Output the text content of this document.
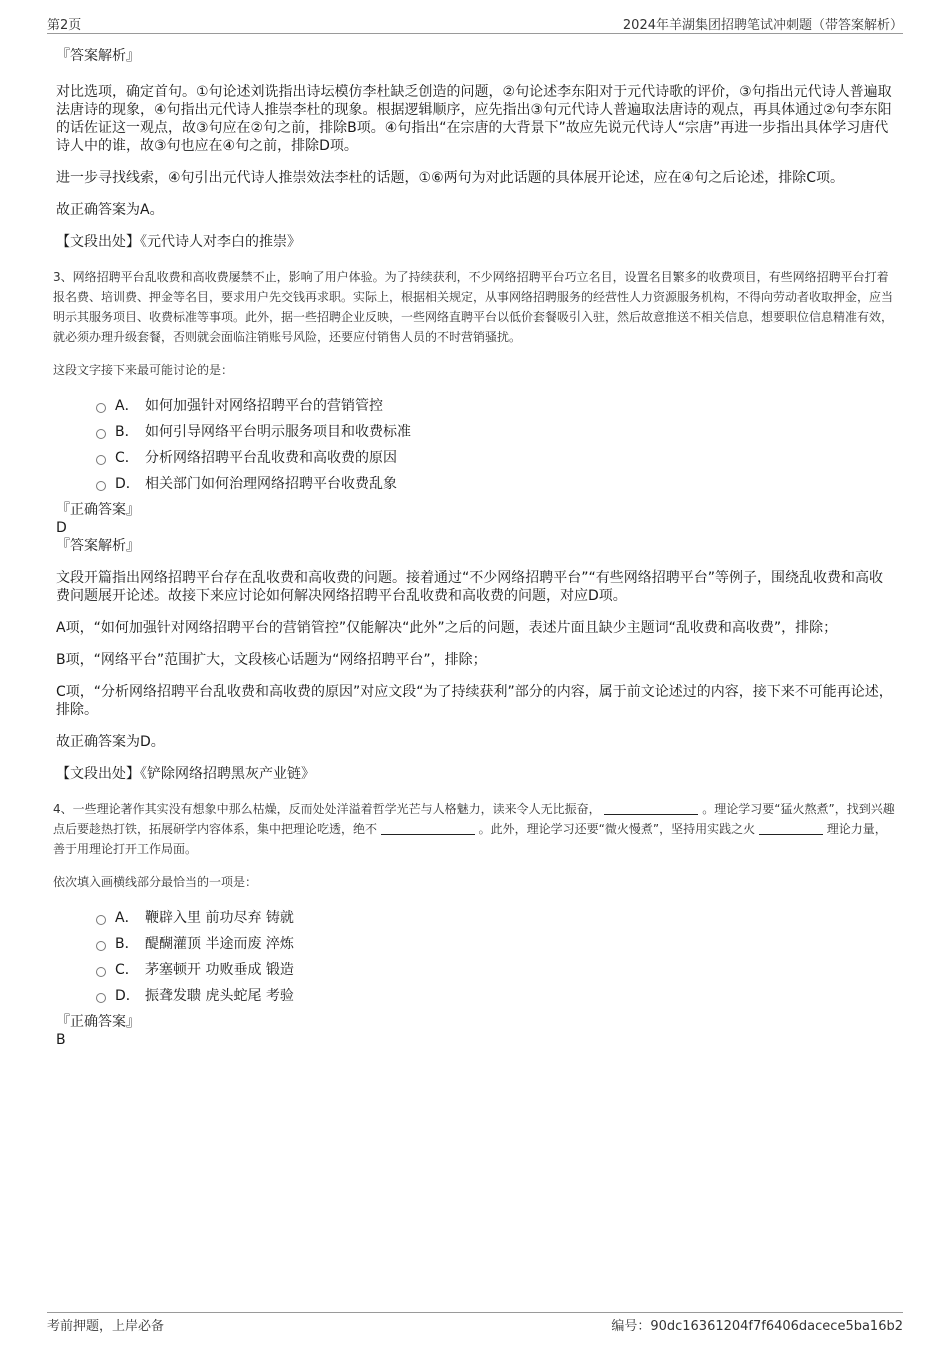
第2页	2024年羊湖集团招聘笔试冲刺题（带答案解析）

『答案解析』

对比选项，确定首句。①句论述刘诜指出诗坛模仿李杜缺乏创造的问题，②句论述李东阳对于元代诗歌的评价，③句指出元代诗人普遍取法唐诗的现象，④句指出元代诗人推崇李杜的现象。根据逻辑顺序，应先指出③句元代诗人普遍取法唐诗的观点，再具体通过②句李东阳的话佐证这一观点，故③句应在②句之前，排除B项。④句指出“在宗唐的大背景下”故应先说元代诗人“宗唐”再进一步指出具体学习唐代诗人中的谁，故③句也应在④句之前，排除D项。

进一步寻找线索，④句引出元代诗人推崇效法李杜的话题，①⑥两句为对此话题的具体展开论述，应在④句之后论述，排除C项。

故正确答案为A。

【文段出处】《元代诗人对李白的推崇》

3、网络招聘平台乱收费和高收费屡禁不止，影响了用户体验。为了持续获利，不少网络招聘平台巧立名目，设置名目繁多的收费项目，有些网络招聘平台打着报名费、培训费、押金等名目，要求用户先交钱再求职。实际上，根据相关规定，从事网络招聘服务的经营性人力资源服务机构，不得向劳动者收取押金，应当明示其服务项目、收费标准等事项。此外，据一些招聘企业反映，一些网络直聘平台以低价套餐吸引入驻，然后故意推送不相关信息，想要职位信息精准有效，就必须办理升级套餐，否则就会面临注销账号风险，还要应付销售人员的不时营销骚扰。

这段文字接下来最可能讨论的是：

A． 如何加强针对网络招聘平台的营销管控
B． 如何引导网络平台明示服务项目和收费标准
C． 分析网络招聘平台乱收费和高收费的原因
D． 相关部门如何治理网络招聘平台收费乱象

『正确答案』

D

『答案解析』

文段开篇指出网络招聘平台存在乱收费和高收费的问题。接着通过“不少网络招聘平台”“有些网络招聘平台”等例子，围绕乱收费和高收费问题展开论述。故接下来应讨论如何解决网络招聘平台乱收费和高收费的问题，对应D项。

A项，“如何加强针对网络招聘平台的营销管控”仅能解决“此外”之后的问题，表述片面且缺少主题词“乱收费和高收费”，排除；

B项，“网络平台”范围扩大，文段核心话题为“网络招聘平台”，排除；

C项，“分析网络招聘平台乱收费和高收费的原因”对应文段“为了持续获利”部分的内容，属于前文论述过的内容，接下来不可能再论述，排除。

故正确答案为D。

【文段出处】《铲除网络招聘黑灰产业链》

4、一些理论著作其实没有想象中那么枯燥，反而处处洋溢着哲学光芒与人格魅力，读来令人无比振奋，	。理论学习要“猛火熬煮”，找到兴趣点后要趁热打铁，拓展研学内容体系，集中把理论吃透，绝不	。此外，理论学习还要“微火慢煮”，坚持用实践之火	理论力量，善于用理论打开工作局面。

依次填入画横线部分最恰当的一项是：

A． 鞭辟入里 前功尽弃 铸就
B． 醍醐灌顶 半途而废 淬炼
C． 茅塞顿开 功败垂成 锻造
D． 振聋发聩 虎头蛇尾 考验

『正确答案』

B

考前押题，上岸必备	编号：90dc16361204f7f6406dacece5ba16b2
